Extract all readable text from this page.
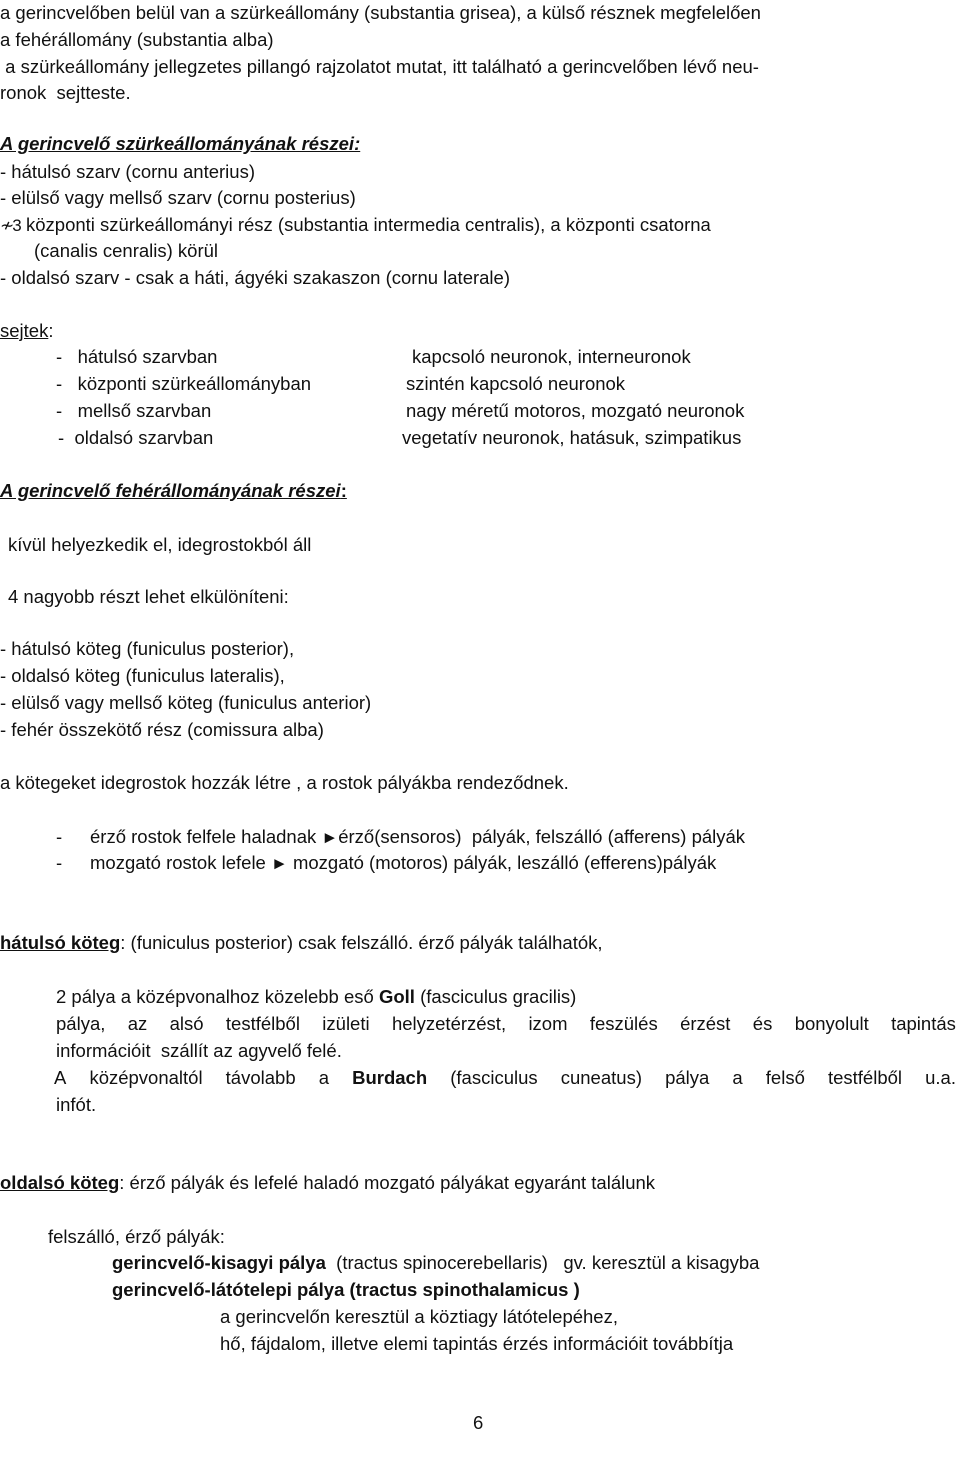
a gerincvelőben belül van a szürkeállomány (substantia grisea), a külső résznek megfelelően
a fehérállomány (substantia alba)
a szürkeállomány jellegzetes pillangó rajzolatot mutat, itt található a gerincvelőben lévő neu-
ronok  sejtteste.
A gerincvelő szürkeállományának részei:
- hátulsó szarv (cornu anterius)
- elülső vagy mellső szarv (cornu posterius)
≁3 központi szürkeállományi rész (substantia intermedia centralis), a központi csatorna
(canalis cenralis) körül
- oldalsó szarv - csak a háti, ágyéki szakaszon (cornu laterale)
sejtek:
-   hátulsó szarvban	kapcsoló neuronok, interneuronok
-   központi szürkeállományban	szintén kapcsoló neuronok
-   mellső szarvban	nagy méretű motoros, mozgató neuronok
-  oldalsó szarvban	vegetatív neuronok, hatásuk, szimpatikus
A gerincvelő fehérállományának részei:
kívül helyezkedik el, idegrostokból áll
4 nagyobb részt lehet elkülöníteni:
- hátulsó köteg (funiculus posterior),
- oldalsó köteg (funiculus lateralis),
- elülső vagy mellső köteg (funiculus anterior)
- fehér összekötő rész (comissura alba)
a kötegeket idegrostok hozzák létre , a rostok pályákba rendeződnek.
- érző rostok felfele haladnak ►érző(sensoros)  pályák, felszálló (afferens) pályák
- mozgató rostok lefele ► mozgató (motoros) pályák, leszálló (efferens)pályák
hátulsó köteg: (funiculus posterior) csak felszálló. érző pályák találhatók,
2 pálya a középvonalhoz közelebb eső Goll (fasciculus gracilis)
pálya, az alsó testfélből izületi helyzetérzést, izom feszülés érzést és bonyolult tapintás
információit  szállít az agyvelő felé.
A középvonaltól távolabb a Burdach (fasciculus cuneatus) pálya a felső testfélből u.a.
infót.
oldalsó köteg: érző pályák és lefelé haladó mozgató pályákat egyaránt találunk
felszálló, érző pályák:
gerincvelő-kisagyi pálya  (tractus spinocerebellaris)   gv. keresztül a kisagyba
gerincvelő-látótelepi pálya (tractus spinothalamicus )
a gerincvelőn keresztül a köztiagy látótelepéhez,
hő, fájdalom, illetve elemi tapintás érzés információit továbbítja
6
